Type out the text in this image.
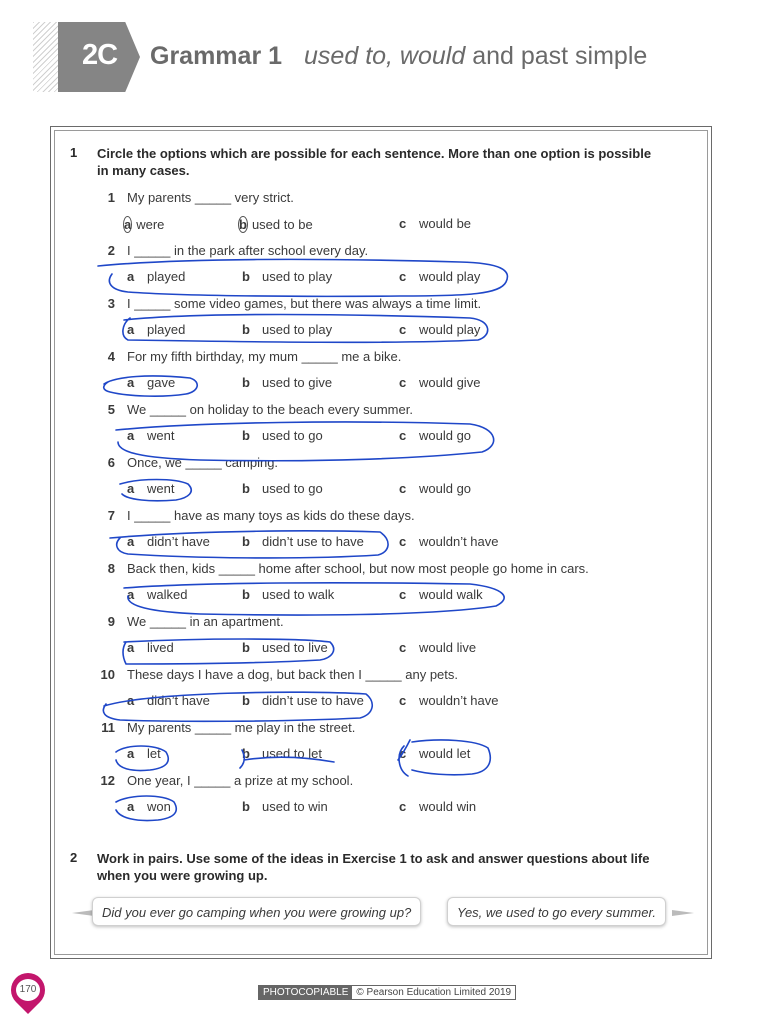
2C Grammar 1 used to, would and past simple
1 Circle the options which are possible for each sentence. More than one option is possible in many cases.
1 My parents _____ very strict.
a were	b used to be	c would be
2 I _____ in the park after school every day.
a played	b used to play	c would play
3 I _____ some video games, but there was always a time limit.
a played	b used to play	c would play
4 For my fifth birthday, my mum _____ me a bike.
a gave	b used to give	c would give
5 We _____ on holiday to the beach every summer.
a went	b used to go	c would go
6 Once, we _____ camping.
a went	b used to go	c would go
7 I _____ have as many toys as kids do these days.
a didn’t have b didn’t use to have	c wouldn’t have
8 Back then, kids _____ home after school, but now most people go home in cars.
a walked	b used to walk	c would walk
9 We _____ in an apartment.
a lived	b used to live	c would live
10 These days I have a dog, but back then I _____ any pets.
a didn’t have b didn’t use to have	c wouldn’t have
11 My parents _____ me play in the street.
a let	b used to let	c would let
12 One year, I _____ a prize at my school.
a won	b used to win	c would win
2 Work in pairs. Use some of the ideas in Exercise 1 to ask and answer questions about life when you were growing up.
Did you ever go camping when you were growing up?	Yes, we used to go every summer.
170	PHOTOCOPIABLE © Pearson Education Limited 2019
